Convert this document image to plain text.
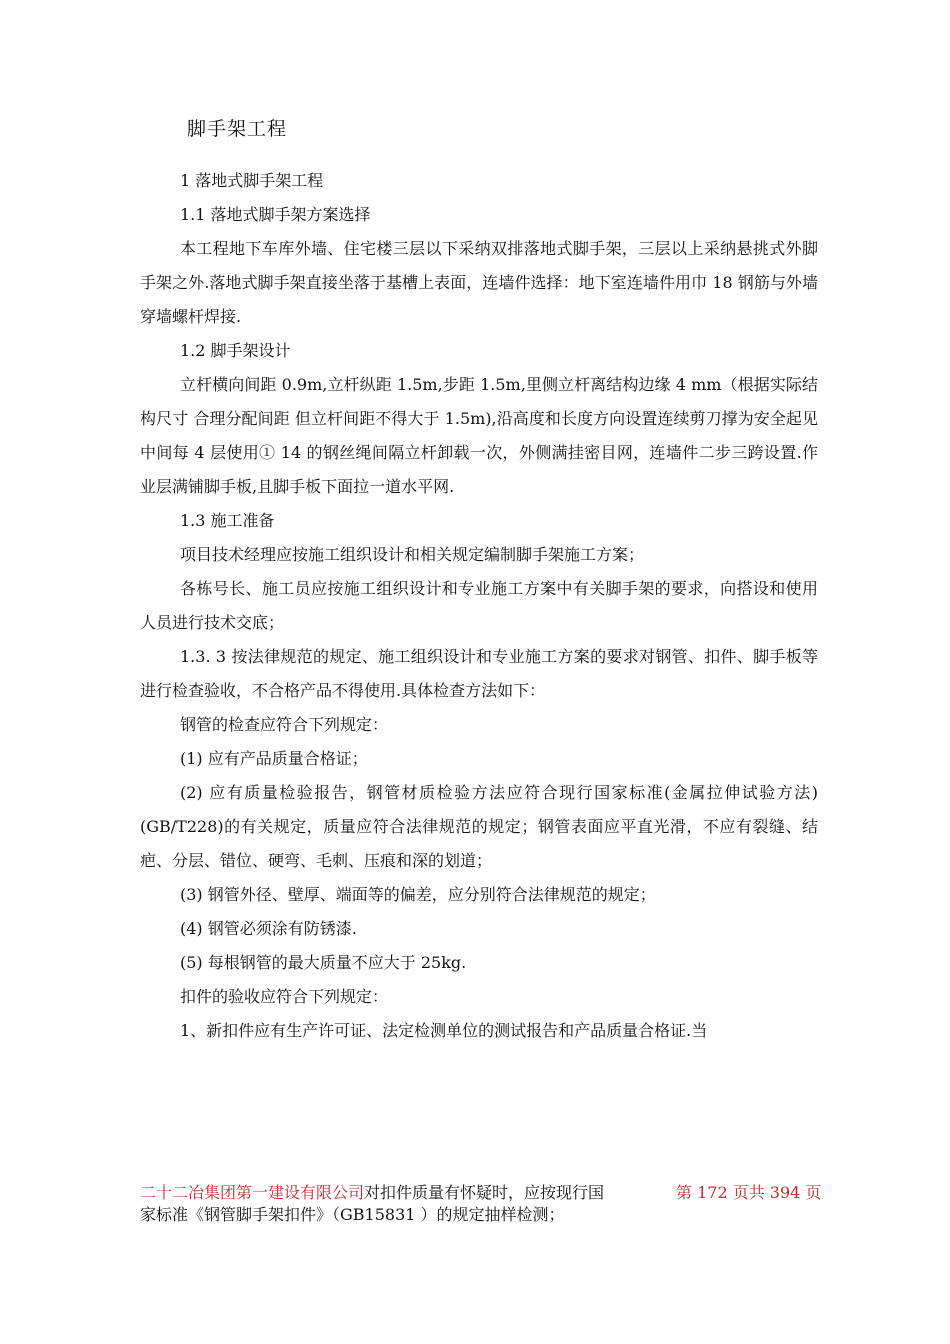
脚手架工程

1 落地式脚手架工程

1.1 落地式脚手架方案选择

本工程地下车库外墙、住宅楼三层以下采纳双排落地式脚手架，三层以上采纳悬挑式外脚手架之外.落地式脚手架直接坐落于基槽上表面，连墙件选择：地下室连墙件用巾 18 钢筋与外墙穿墙螺杆焊接.

1.2 脚手架设计

立杆横向间距 0.9m,立杆纵距 1.5m,步距 1.5m,里侧立杆离结构边缘 4 mm（根据实际结构尺寸 合理分配间距 但立杆间距不得大于 1.5m),沿高度和长度方向设置连续剪刀撑为安全起见 中间每 4 层使用① 14 的钢丝绳间隔立杆卸载一次，外侧满挂密目网，连墙件二步三跨设置.作业层满铺脚手板,且脚手板下面拉一道水平网.

1.3 施工准备

项目技术经理应按施工组织设计和相关规定编制脚手架施工方案；

各栋号长、施工员应按施工组织设计和专业施工方案中有关脚手架的要求，向搭设和使用人员进行技术交底；

1.3. 3 按法律规范的规定、施工组织设计和专业施工方案的要求对钢管、扣件、脚手板等进行检查验收，不合格产品不得使用.具体检查方法如下：

钢管的检查应符合下列规定：

(1) 应有产品质量合格证；

(2) 应有质量检验报告，钢管材质检验方法应符合现行国家标准(金属拉伸试验方法)(GB/T228)的有关规定，质量应符合法律规范的规定；钢管表面应平直光滑，不应有裂缝、结疤、分层、错位、硬弯、毛刺、压痕和深的划道；

(3) 钢管外径、壁厚、端面等的偏差，应分别符合法律规范的规定；

(4) 钢管必须涂有防锈漆.

(5) 每根钢管的最大质量不应大于 25kg.

扣件的验收应符合下列规定：

1、新扣件应有生产许可证、法定检测单位的测试报告和产品质量合格证.当

二十二冶集团第一建设有限公司对扣件质量有怀疑时，应按现行国家标准《钢管脚手架扣件》（GB15831 ）的规定抽样检测；
第 172 页共 394 页
